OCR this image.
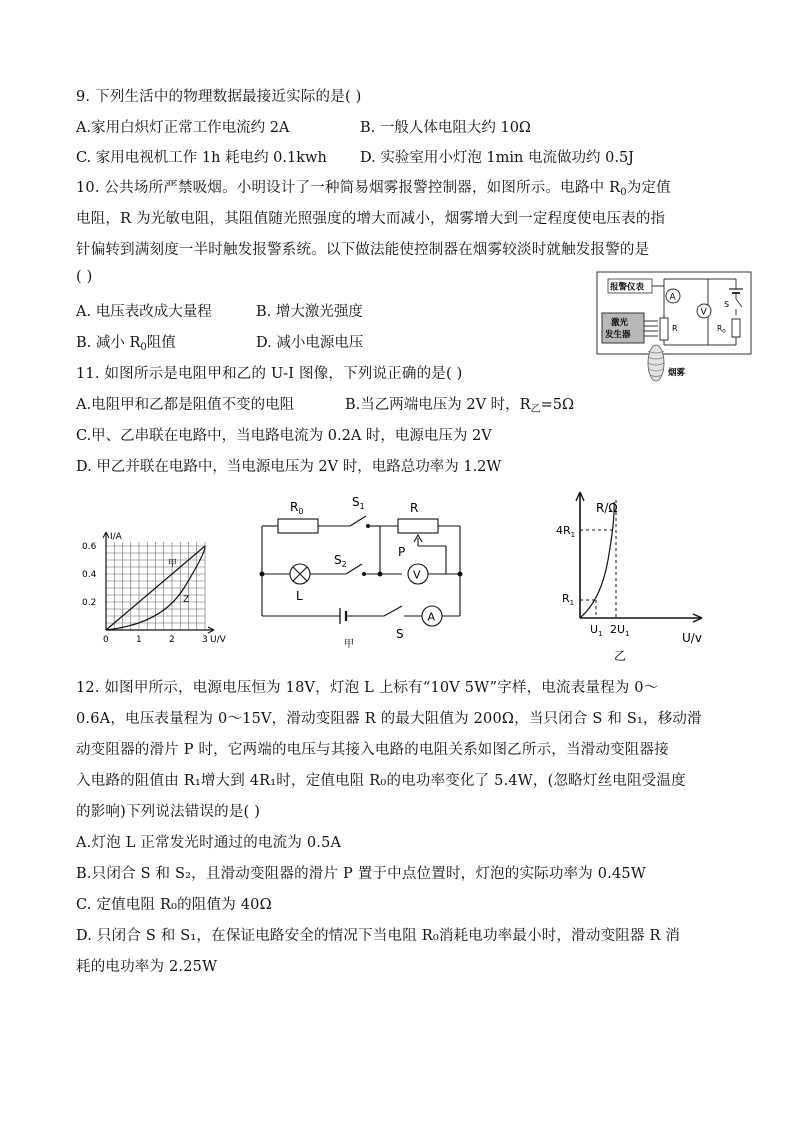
9. 下列生活中的物理数据最接近实际的是( )
A.家用白炽灯正常工作电流约 2A	B. 一般人体电阻大约 10Ω
C. 家用电视机工作 1h 耗电约 0.1kwh D. 实验室用小灯泡 1min 电流做功约 0.5J
10. 公共场所严禁吸烟。小明设计了一种简易烟雾报警控制器，如图所示。电路中 $R_0$为定值
电阻，R 为光敏电阻，其阻值随光照强度的增大而减小，烟雾增大到一定程度使电压表的指
针偏转到满刻度一半时触发报警系统。以下做法能使控制器在烟雾较淡时就触发报警的是
( )
A. 电压表改成大量程	B. 增大激光强度
B. 减小 $R_0$阻值	D. 减小电源电压
报警仪表
A
V
S
$R_0$
R
激光
发生器
烟雾
11. 如图所示是电阻甲和乙的 U-I 图像，下列说正确的是( )
A.电阻甲和乙都是阻值不变的电阻	B.当乙两端电压为 2V 时，$R_乙=5\Omega$
C.甲、乙串联在电路中，当电路电流为 0.2A 时，电源电压为 2V
D. 甲乙并联在电路中，当电源电压为 2V 时，电路总功率为 1.2W
I/A
0.6
0.4
0.2
0	1	2	3 U/V
甲
Z
$R_0$
$S_1$	R
P
$S_2$
L
V
S
A
甲
R/Ω
$4R_1$
$R_1$
$U_1$ $2U_1$	U/v
乙
12. 如图甲所示，电源电压恒为 18V，灯泡 L 上标有“10V 5W”字样，电流表量程为 0～
0.6A，电压表量程为 0～15V，滑动变阻器 R 的最大阻值为 200Ω，当只闭合 S 和 S₁，移动滑
动变阻器的滑片 P 时，它两端的电压与其接入电路的电阻关系如图乙所示，当滑动变阻器接
入电路的阻值由 R₁增大到 4R₁时，定值电阻 R₀的电功率变化了 5.4W，(忽略灯丝电阻受温度
的影响)下列说法错误的是( )
A.灯泡 L 正常发光时通过的电流为 0.5A
B.只闭合 S 和 S₂，且滑动变阻器的滑片 P 置于中点位置时，灯泡的实际功率为 0.45W
C. 定值电阻 R₀的阻值为 40Ω
D. 只闭合 S 和 S₁，在保证电路安全的情况下当电阻 R₀消耗电功率最小时，滑动变阻器 R 消
耗的电功率为 2.25W
